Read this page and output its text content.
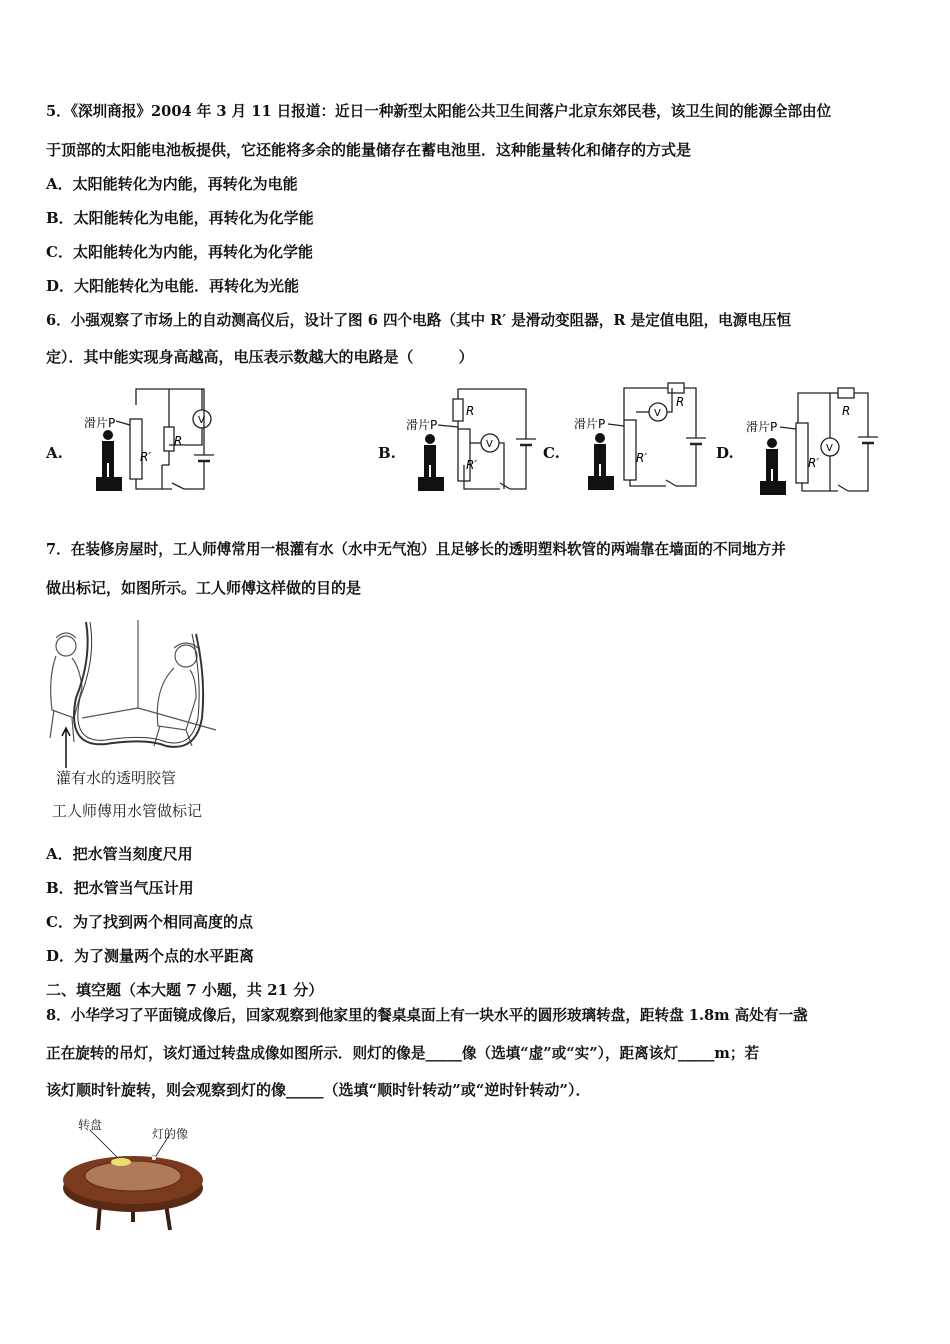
5．《深圳商报》2004 年 3 月 11 日报道：近日一种新型太阳能公共卫生间落户北京东郊民巷，该卫生间的能源全部由位
于顶部的太阳能电池板提供，它还能将多余的能量储存在蓄电池里．这种能量转化和储存的方式是
A．太阳能转化为内能，再转化为电能
B．太阳能转化为电能，再转化为化学能
C．太阳能转化为内能，再转化为化学能
D．大阳能转化为电能．再转化为光能
6．小强观察了市场上的自动测高仪后，设计了图 6 四个电路（其中 R′ 是滑动变阻器，R 是定值电阻，电源电压恒
定）．其中能实现身高越高，电压表示数越大的电路是（　　　）
A.	B.	C.	D.
V
R
R′
滑片P
V
R
R′
滑片P
V
R
R′
滑片P
V
R
R′
滑片P
7．在装修房屋时，工人师傅常用一根灌有水（水中无气泡）且足够长的透明塑料软管的两端靠在墙面的不同地方并
做出标记，如图所示。工人师傅这样做的目的是
灌有水的透明胶管
工人师傅用水管做标记
A．把水管当刻度尺用
B．把水管当气压计用
C．为了找到两个相同高度的点
D．为了测量两个点的水平距离
二、填空题（本大题 7 小题，共 21 分）
8．小华学习了平面镜成像后，回家观察到他家里的餐桌桌面上有一块水平的圆形玻璃转盘，距转盘 1.8m 高处有一盏
正在旋转的吊灯，该灯通过转盘成像如图所示．则灯的像是_____像（选填“虚”或“实”），距离该灯_____m；若
该灯顺时针旋转，则会观察到灯的像_____（选填“顺时针转动”或“逆时针转动”）．
转盘
灯的像
